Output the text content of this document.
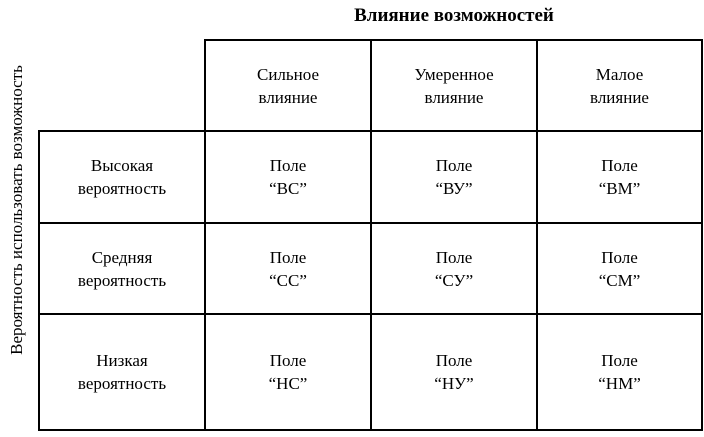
Влияние возможностей
Вероятность использовать возможность	Сильное
влияние
Умеренное
влияние
Малое
влияние
Высокая
вероятность
Поле
“ВС”
Поле
“ВУ”
Поле
“ВМ”
Средняя
вероятность
Поле
“СС”
Поле
“СУ”
Поле
“СМ”
Низкая
вероятность
Поле
“НС”
Поле
“НУ”
Поле
“НМ”
